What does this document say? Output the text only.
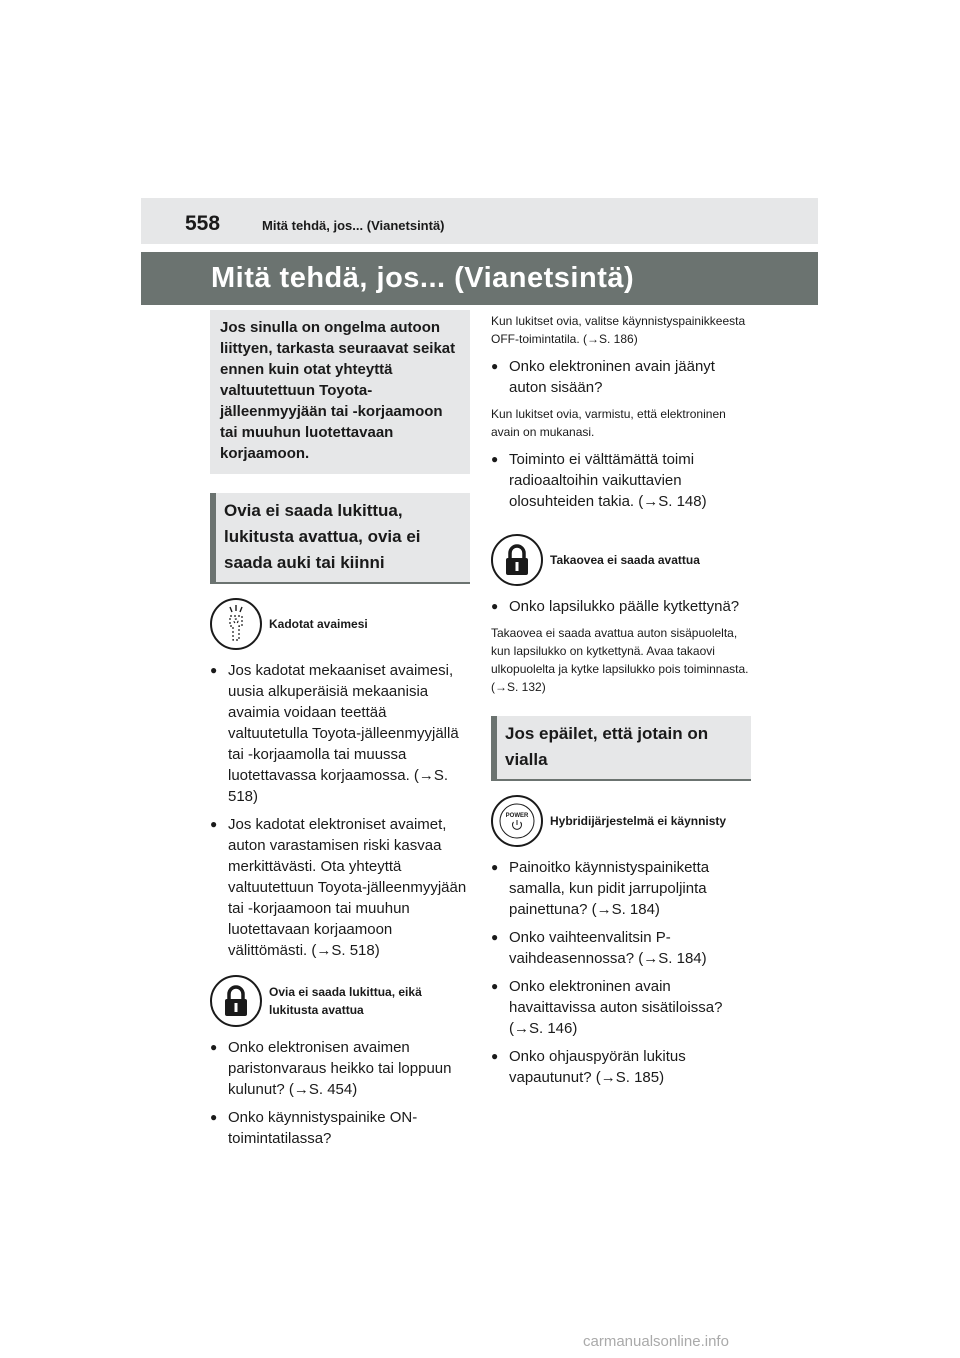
558	Mitä tehdä, jos... (Vianetsintä)
Mitä tehdä, jos... (Vianetsintä)
Jos sinulla on ongelma autoon liittyen, tarkasta seuraavat seikat ennen kuin otat yhteyttä valtuutettuun Toyota-jälleenmyyjään tai -korjaamoon tai muuhun luotettavaan korjaamoon.
Ovia ei saada lukittua, lukitusta avattua, ovia ei saada auki tai kiinni
Kadotat avaimesi
● Jos kadotat mekaaniset avaimesi, uusia alkuperäisiä mekaanisia avaimia voidaan teettää valtuutetulla Toyota-jälleenmyyjällä tai -korjaamolla tai muussa luotettavassa korjaamossa. (→S. 518)
● Jos kadotat elektroniset avaimet, auton varastamisen riski kasvaa merkittävästi. Ota yhteyttä valtuutettuun Toyota-jälleenmyyjään tai -korjaamoon tai muuhun luotettavaan korjaamoon välittömästi. (→S. 518)
Ovia ei saada lukittua, eikä lukitusta avattua
● Onko elektronisen avaimen paristonvaraus heikko tai loppuun kulunut? (→S. 454)
● Onko käynnistyspainike ON-toimintatilassa?
Kun lukitset ovia, valitse käynnistyspainikkeesta OFF-toimintatila. (→S. 186)
● Onko elektroninen avain jäänyt auton sisään?
Kun lukitset ovia, varmistu, että elektroninen avain on mukanasi.
● Toiminto ei välttämättä toimi radioaaltoihin vaikuttavien olosuhteiden takia. (→S. 148)
Takaovea ei saada avattua
● Onko lapsilukko päälle kytkettynä?
Takaovea ei saada avattua auton sisäpuolelta, kun lapsilukko on kytkettynä. Avaa takaovi ulkopuolelta ja kytke lapsilukko pois toiminnasta. (→S. 132)
Jos epäilet, että jotain on vialla
POWER Hybridijärjestelmä ei käynnisty
● Painoitko käynnistyspainiketta samalla, kun pidit jarrupoljinta painettuna? (→S. 184)
● Onko vaihteenvalitsin P-vaihdeasennossa? (→S. 184)
● Onko elektroninen avain havaittavissa auton sisätiloissa? (→S. 146)
● Onko ohjauspyörän lukitus vapautunut? (→S. 185)
carmanualsonline.info
